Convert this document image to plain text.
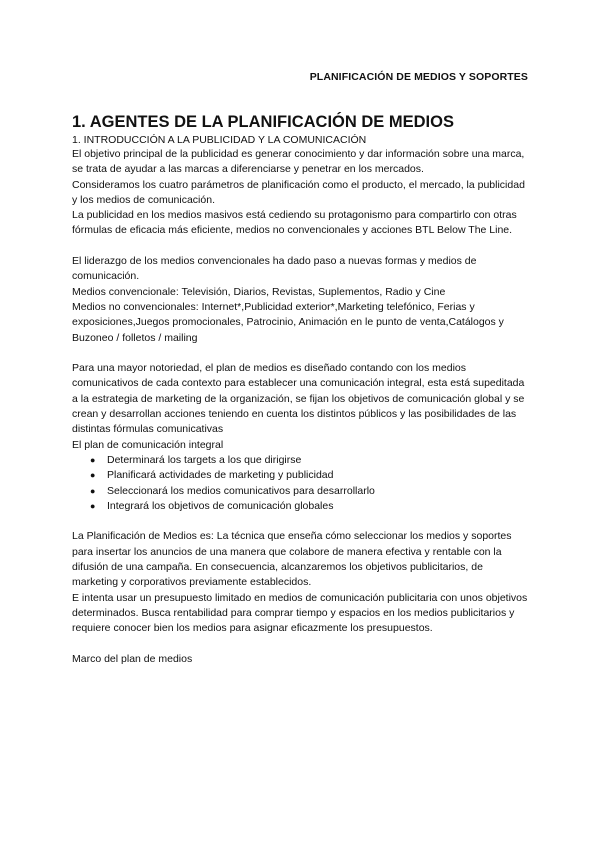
PLANIFICACIÓN DE MEDIOS Y SOPORTES
1. AGENTES DE LA PLANIFICACIÓN DE MEDIOS
1. INTRODUCCIÓN A LA PUBLICIDAD Y LA COMUNICACIÓN

El objetivo principal de la publicidad es generar conocimiento y dar información sobre una marca, se trata de ayudar a las marcas a diferenciarse y penetrar en los mercados.

Consideramos los cuatro parámetros de planificación como el producto, el mercado, la publicidad y los medios de comunicación.

La publicidad en los medios masivos está cediendo su protagonismo para compartirlo con otras fórmulas de eficacia más eficiente, medios no convencionales y acciones BTL Below The Line.

El liderazgo de los medios convencionales ha dado paso a nuevas formas y medios de comunicación.

Medios convencionale: Televisión, Diarios, Revistas, Suplementos, Radio y Cine

Medios no convencionales: Internet*,Publicidad exterior*,Marketing telefónico, Ferias y exposiciones,Juegos promocionales, Patrocinio, Animación en le punto de venta,Catálogos y Buzoneo / folletos / mailing

Para una mayor notoriedad, el plan de medios es diseñado contando con los medios comunicativos de cada contexto para establecer una comunicación integral, esta está supeditada a la estrategia de marketing de la organización, se fijan los objetivos de comunicación global y se crean y desarrollan acciones teniendo en cuenta los distintos públicos y las posibilidades de las distintas fórmulas comunicativas

El plan de comunicación integral

● Determinará los targets a los que dirigirse
● Planificará actividades de marketing y publicidad
● Seleccionará los medios comunicativos para desarrollarlo
● Integrará los objetivos de comunicación globales

La Planificación de Medios es: La técnica que enseña cómo seleccionar los medios y soportes para insertar los anuncios de una manera que colabore de manera efectiva y rentable con la difusión de una campaña. En consecuencia, alcanzaremos los objetivos publicitarios, de marketing y corporativos previamente establecidos.

E intenta usar un presupuesto limitado en medios de comunicación publicitaria con unos objetivos determinados. Busca rentabilidad para comprar tiempo y espacios en los medios publicitarios y requiere conocer bien los medios para asignar eficazmente los presupuestos.

Marco del plan de medios
